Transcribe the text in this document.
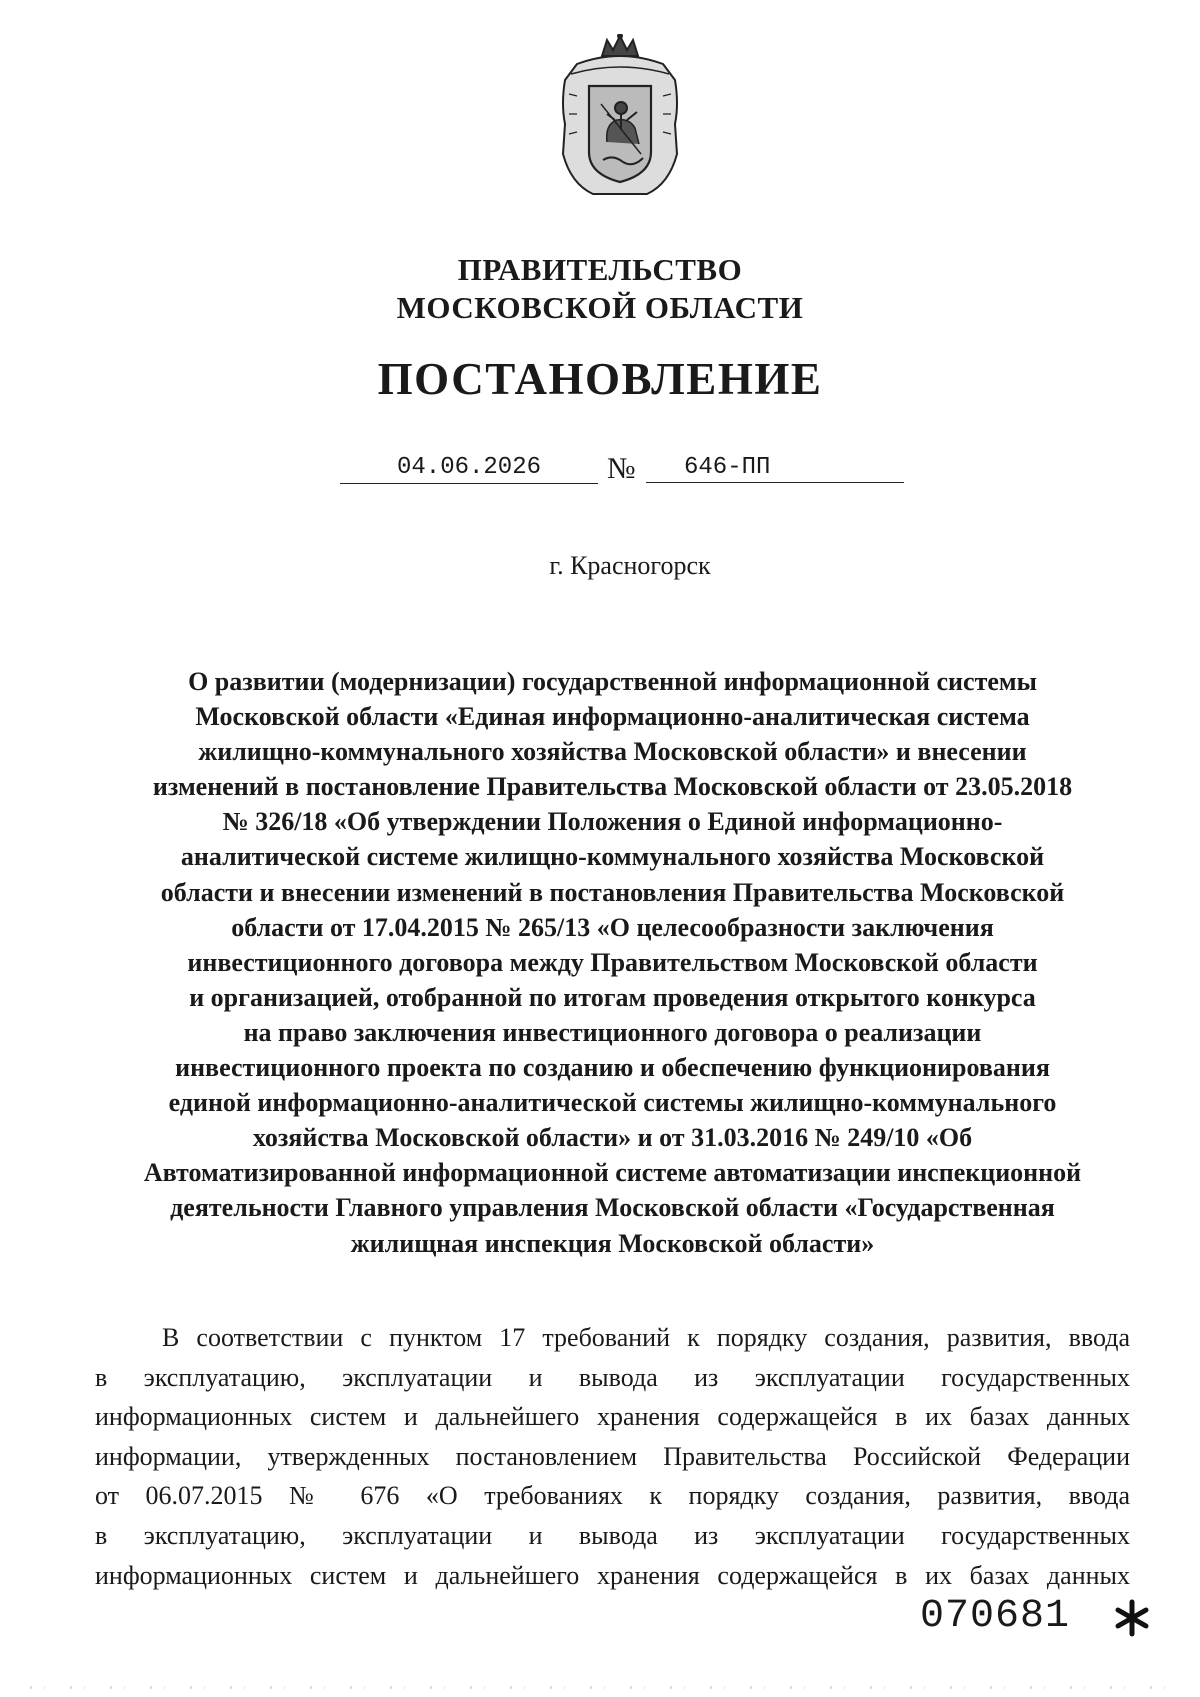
ПРАВИТЕЛЬСТВО
МОСКОВСКОЙ ОБЛАСТИ
ПОСТАНОВЛЕНИЕ
04.06.2026	№	646-ПП
г. Красногорск
О развитии (модернизации) государственной информационной системы
Московской области «Единая информационно-аналитическая система
жилищно-коммунального хозяйства Московской области» и внесении
изменений в постановление Правительства Московской области от 23.05.2018
№ 326/18 «Об утверждении Положения о Единой информационно-
аналитической системе жилищно-коммунального хозяйства Московской
области и внесении изменений в постановления Правительства Московской
области от 17.04.2015 № 265/13 «О целесообразности заключения
инвестиционного договора между Правительством Московской области
и организацией, отобранной по итогам проведения открытого конкурса
на право заключения инвестиционного договора о реализации
инвестиционного проекта по созданию и обеспечению функционирования
единой информационно-аналитической системы жилищно-коммунального
хозяйства Московской области» и от 31.03.2016 № 249/10 «Об
Автоматизированной информационной системе автоматизации инспекционной
деятельности Главного управления Московской области «Государственная
жилищная инспекция Московской области»
В соответствии с пунктом 17 требований к порядку создания, развития, ввода
в эксплуатацию, эксплуатации и вывода из эксплуатации государственных
информационных систем и дальнейшего хранения содержащейся в их базах данных
информации, утвержденных постановлением Правительства Российской Федерации
от 06.07.2015 № 676 «О требованиях к порядку создания, развития, ввода
в эксплуатацию, эксплуатации и вывода из эксплуатации государственных
информационных систем и дальнейшего хранения содержащейся в их базах данных
070681
